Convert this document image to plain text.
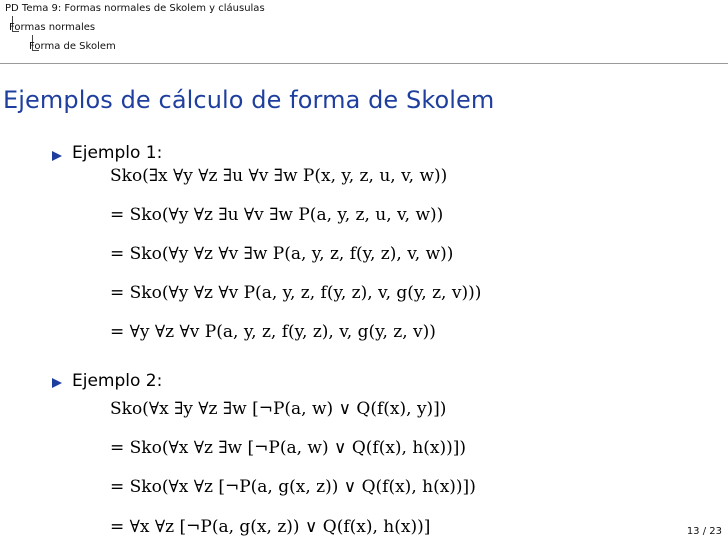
PD Tema 9: Formas normales de Skolem y cláusulas
Formas normales
Forma de Skolem
Ejemplos de cálculo de forma de Skolem
Ejemplo 1:
Sko(∃x ∀y ∀z ∃u ∀v ∃w P(x, y, z, u, v, w))
= Sko(∀y ∀z ∃u ∀v ∃w P(a, y, z, u, v, w))
= Sko(∀y ∀z ∀v ∃w P(a, y, z, f(y, z), v, w))
= Sko(∀y ∀z ∀v P(a, y, z, f(y, z), v, g(y, z, v)))
= ∀y ∀z ∀v P(a, y, z, f(y, z), v, g(y, z, v))
Ejemplo 2:
Sko(∀x ∃y ∀z ∃w [¬P(a, w) ∨ Q(f(x), y)])
= Sko(∀x ∀z ∃w [¬P(a, w) ∨ Q(f(x), h(x))])
= Sko(∀x ∀z [¬P(a, g(x, z)) ∨ Q(f(x), h(x))])
= ∀x ∀z [¬P(a, g(x, z)) ∨ Q(f(x), h(x))]	13 / 23
